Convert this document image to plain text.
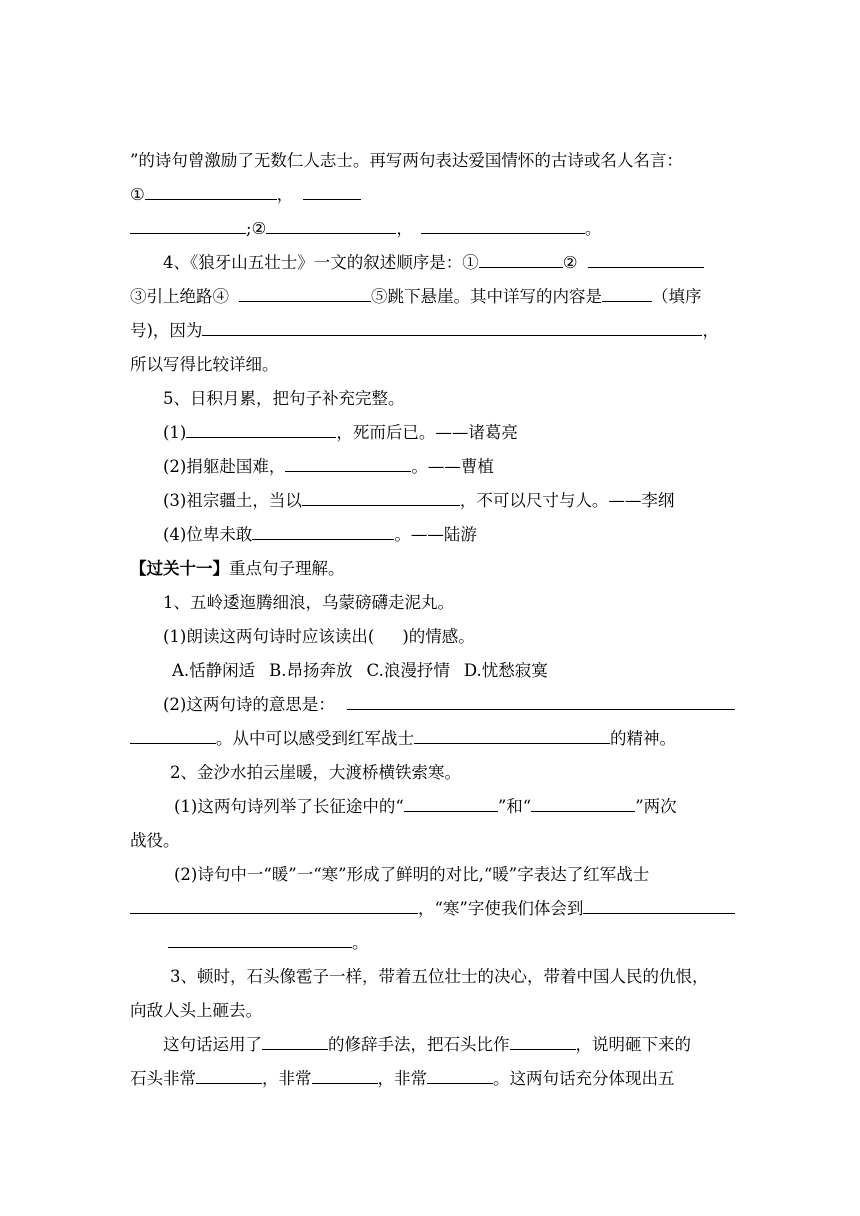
”的诗句曾激励了无数仁人志士。再写两句表达爱国情怀的古诗或名人名言：
①	，
;②	，	。
4、《狼牙山五壮士》一文的叙述顺序是：①	②
③引上绝路④	⑤跳下悬崖。其中详写的内容是	（填序
号)，因为	，
所以写得比较详细。
5、日积月累，把句子补充完整。
(1)	，死而后已。——诸葛亮
(2)捐躯赴国难，	。——曹植
(3)祖宗疆土，当以	，不可以尺寸与人。——李纲
(4)位卑未敢	。——陆游
【过关十一】重点句子理解。
1、五岭逶迤腾细浪，乌蒙磅礴走泥丸。
(1)朗读这两句诗时应该读出( )的情感。
A.恬静闲适 B.昂扬奔放 C.浪漫抒情 D.忧愁寂寞
(2)这两句诗的意思是：
。从中可以感受到红军战士	的精神。
2、金沙水拍云崖暖，大渡桥横铁索寒。
(1)这两句诗列举了长征途中的“	”和“	”两次
战役。
(2)诗句中一“暖”一“寒”形成了鲜明的对比,“暖”字表达了红军战士
，“寒”字使我们体会到
。
3、顿时，石头像雹子一样，带着五位壮士的决心，带着中国人民的仇恨，
向敌人头上砸去。
这句话运用了	的修辞手法，把石头比作	，说明砸下来的
石头非常	，非常	，非常	。这两句话充分体现出五
